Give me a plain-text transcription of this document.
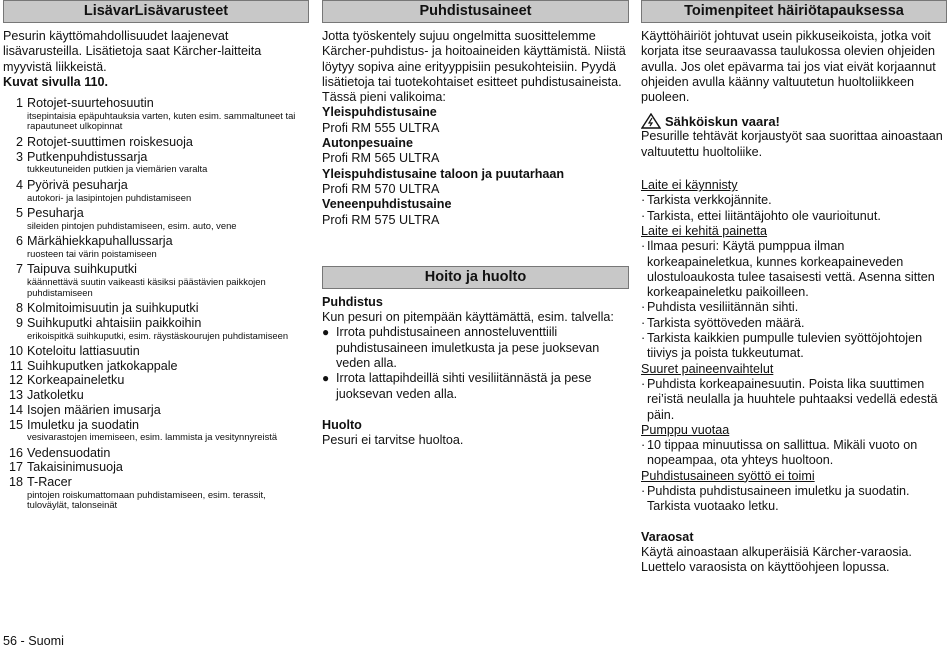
LisävarLisävarusteet

Pesurin käyttömahdollisuudet laajenevat lisävarusteilla. Lisätietoja saat Kärcher-laitteita myyvistä liikkeistä.

Kuvat sivulla 110.

1 Rotojet-suurtehosuutin
itsepintaisia epäpuhtauksia varten, kuten esim. sammaltuneet tai rapautuneet ulkopinnat
2 Rotojet-suuttimen roiskesuoja
3 Putkenpuhdistussarja
tukkeutuneiden putkien ja viemärien varalta
4 Pyörivä pesuharja
autokori- ja lasipintojen puhdistamiseen
5 Pesuharja
sileiden pintojen puhdistamiseen, esim. auto, vene
6 Märkähiekkapuhallussarja
ruosteen tai värin poistamiseen
7 Taipuva suihkuputki
käännettävä suutin vaikeasti käsiksi päästävien paikkojen puhdistamiseen
8 Kolmitoimisuutin ja suihkuputki
9 Suihkuputki ahtaisiin paikkoihin
erikoispitkä suihkuputki, esim. räystäskourujen puhdistamiseen
10 Koteloitu lattiasuutin
11 Suihkuputken jatkokappale
12 Korkeapaineletku
13 Jatkoletku
14 Isojen määrien imusarja
15 Imuletku ja suodatin
vesivarastojen imemiseen, esim. lammista ja vesitynnyreistä
16 Vedensuodatin
17 Takaisinimusuoja
18 T-Racer
pintojen roiskumattomaan puhdistamiseen, esim. terassit, tuloväylät, talonseinät
Puhdistusaineet

Jotta työskentely sujuu ongelmitta suosittelemme Kärcher-puhdistus- ja hoitoaineiden käyttämistä. Niistä löytyy sopiva aine erityyppisiin pesukohteisiin. Pyydä lisätietoja tai tuotekohtaiset esitteet puhdistusaineista. Tässä pieni valikoima:

Yleispuhdistusaine

Profi RM 555 ULTRA

Autonpesuaine

Profi RM 565 ULTRA

Yleispuhdistusaine taloon ja puutarhaan

Profi RM 570 ULTRA

Veneenpuhdistusaine

Profi RM 575 ULTRA

Hoito ja huolto

Puhdistus

Kun pesuri on pitempään käyttämättä, esim. talvella:

● Irrota puhdistusaineen annosteluventtiili puhdistusaineen imuletkusta ja pese juoksevan veden alla.
● Irrota lattapihdeillä sihti vesiliitännästä ja pese juoksevan veden alla.

Huolto

Pesuri ei tarvitse huoltoa.

Toimenpiteet häiriötapauksessa

Käyttöhäiriöt johtuvat usein pikkuseikoista, jotka voit korjata itse seuraavassa taulukossa olevien ohjeiden avulla. Jos olet epävarma tai jos viat eivät korjaannut ohjeiden avulla käänny valtuutetun huoltoliikkeen puoleen.

Sähköiskun vaara!

Pesurille tehtävät korjaustyöt saa suorittaa ainoastaan valtuutettu huoltoliike.

Laite ei käynnisty
· Tarkista verkkojännite.
· Tarkista, ettei liitäntäjohto ole vaurioitunut.
Laite ei kehitä painetta
· Ilmaa pesuri: Käytä pumppua ilman korkeapaineletkua, kunnes korkeapaineveden ulostuloaukosta tulee tasaisesti vettä. Asenna sitten korkeapaineletku paikoilleen.
· Puhdista vesiliitännän sihti.
· Tarkista syöttöveden määrä.
· Tarkista kaikkien pumpulle tulevien syöttöjohtojen tiiviys ja poista tukkeutumat.
Suuret paineenvaihtelut
· Puhdista korkeapainesuutin. Poista lika suuttimen rei’istä neulalla ja huuhtele puhtaaksi vedellä edestä päin.
Pumppu vuotaa
· 10 tippaa minuutissa on sallittua. Mikäli vuoto on nopeampaa, ota yhteys huoltoon.
Puhdistusaineen syöttö ei toimi
· Puhdista puhdistusaineen imuletku ja suodatin. Tarkista vuotaako letku.

Varaosat

Käytä ainoastaan alkuperäisiä Kärcher-varaosia. Luettelo varaosista on käyttöohjeen lopussa.

56 - Suomi
